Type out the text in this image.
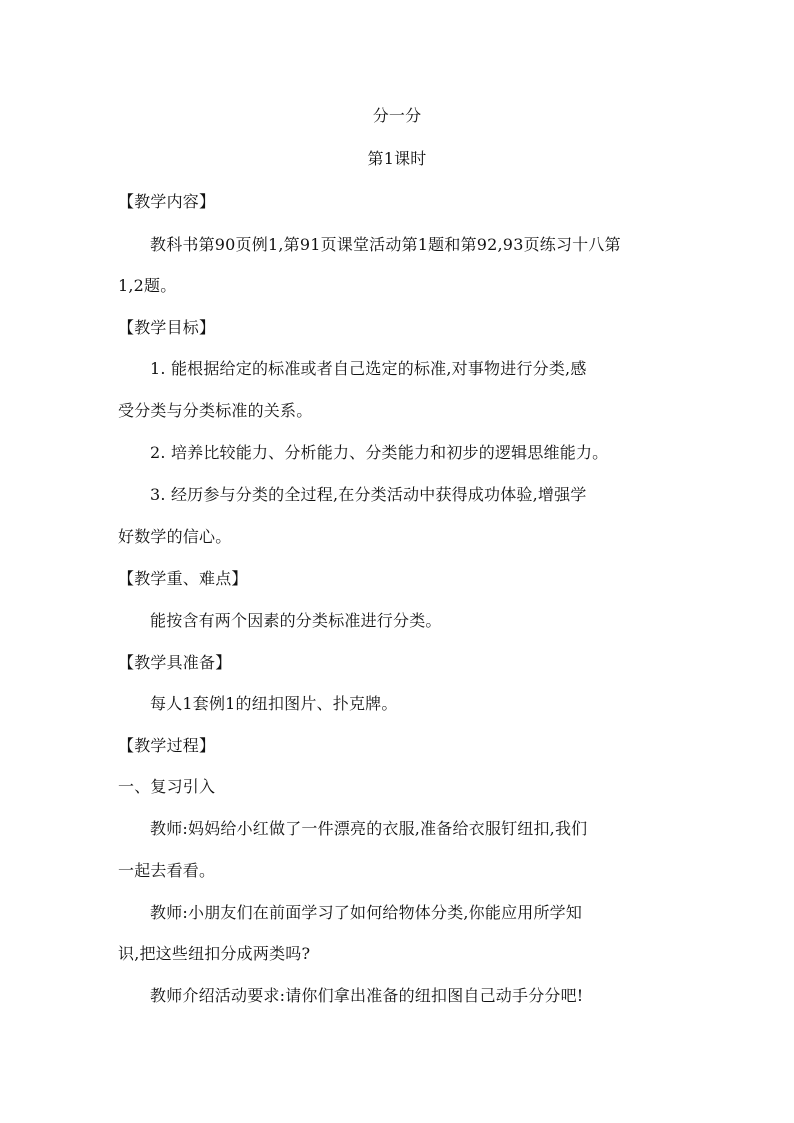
分一分
第1课时
【教学内容】
教科书第90页例1,第91页课堂活动第1题和第92,93页练习十八第
1,2题。
【教学目标】
1. 能根据给定的标准或者自己选定的标准,对事物进行分类,感
受分类与分类标准的关系。
2. 培养比较能力、分析能力、分类能力和初步的逻辑思维能力。
3. 经历参与分类的全过程,在分类活动中获得成功体验,增强学
好数学的信心。
【教学重、难点】
能按含有两个因素的分类标准进行分类。
【教学具准备】
每人1套例1的纽扣图片、扑克牌。
【教学过程】
一、复习引入
教师:妈妈给小红做了一件漂亮的衣服,准备给衣服钉纽扣,我们
一起去看看。
教师:小朋友们在前面学习了如何给物体分类,你能应用所学知
识,把这些纽扣分成两类吗?
教师介绍活动要求:请你们拿出准备的纽扣图自己动手分分吧!
